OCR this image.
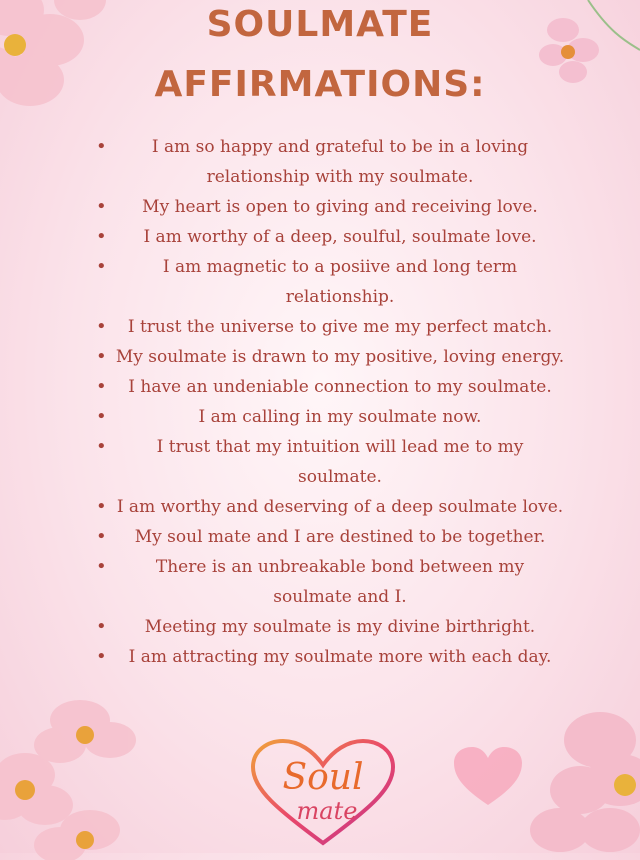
SOULMATE
AFFIRMATIONS:
• I am so happy and grateful to be in a loving relationship with my soulmate.
• My heart is open to giving and receiving love.
• I am worthy of a deep, soulful, soulmate love.
• I am magnetic to a posiive and long term relationship.
• I trust the universe to give me my perfect match.
• My soulmate is drawn to my positive, loving energy.
• I have an undeniable connection to my soulmate.
• I am calling in my soulmate now.
• I trust that my intuition will lead me to my soulmate.
• I am worthy and deserving of a deep soulmate love.
• My soul mate and I are destined to be together.
• There is an unbreakable bond between my soulmate and I.
• Meeting my soulmate is my divine birthright.
• I am attracting my soulmate more with each day.
Soul
mate
